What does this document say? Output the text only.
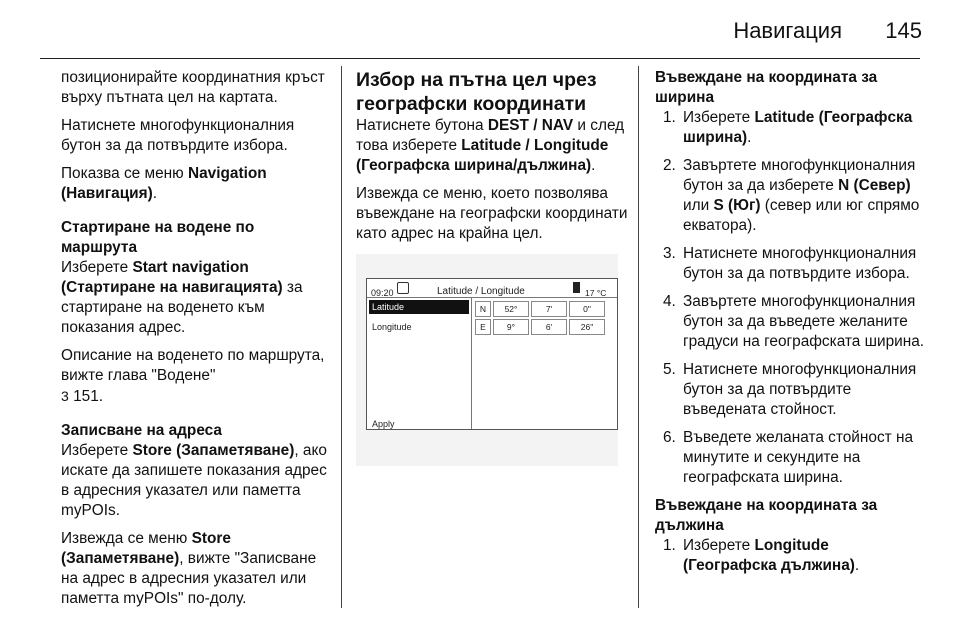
Навигация 145

позиционирайте координатния кръст върху пътната цел на картата.

Натиснете многофункционалния бутон за да потвърдите избора.

Показва се меню Navigation (Навигация).

Стартиране на водене по маршрута

Изберете Start navigation (Стартиране на навигацията) за стартиране на воденето към показания адрес.

Описание на воденето по маршрута, вижте глава "Водене"
3 151.

Записване на адреса

Изберете Store (Запаметяване), ако искате да запишете показания адрес в адресния указател или паметта myPOIs.

Извежда се меню Store (Запаметяване), вижте "Записване на адрес в адресния указател или паметта myPOIs" по-долу.

Избор на пътна цел чрез географски координати

Натиснете бутона DEST / NAV и след това изберете Latitude / Longitude (Географска ширина/дължина).

Извежда се меню, което позволява въвеждане на географски координати като адрес на крайна цел.

09:20	Latitude / Longitude	17 °C
Latitude
Longitude
Apply
N	52°	7'	0"
E	9°	6'	26"
Въвеждане на координата за ширина
1. Изберете Latitude (Географска ширина).
2. Завъртете многофункционалния бутон за да изберете N (Север) или S (Юг) (север или юг спрямо екватора).
3. Натиснете многофункционалния бутон за да потвърдите избора.
4. Завъртете многофункционалния бутон за да въведете желаните градуси на географската ширина.
5. Натиснете многофункционалния бутон за да потвърдите въведената стойност.
6. Въведете желаната стойност на минутите и секундите на географската ширина.
Въвеждане на координата за дължина
1. Изберете Longitude (Географска дължина).
